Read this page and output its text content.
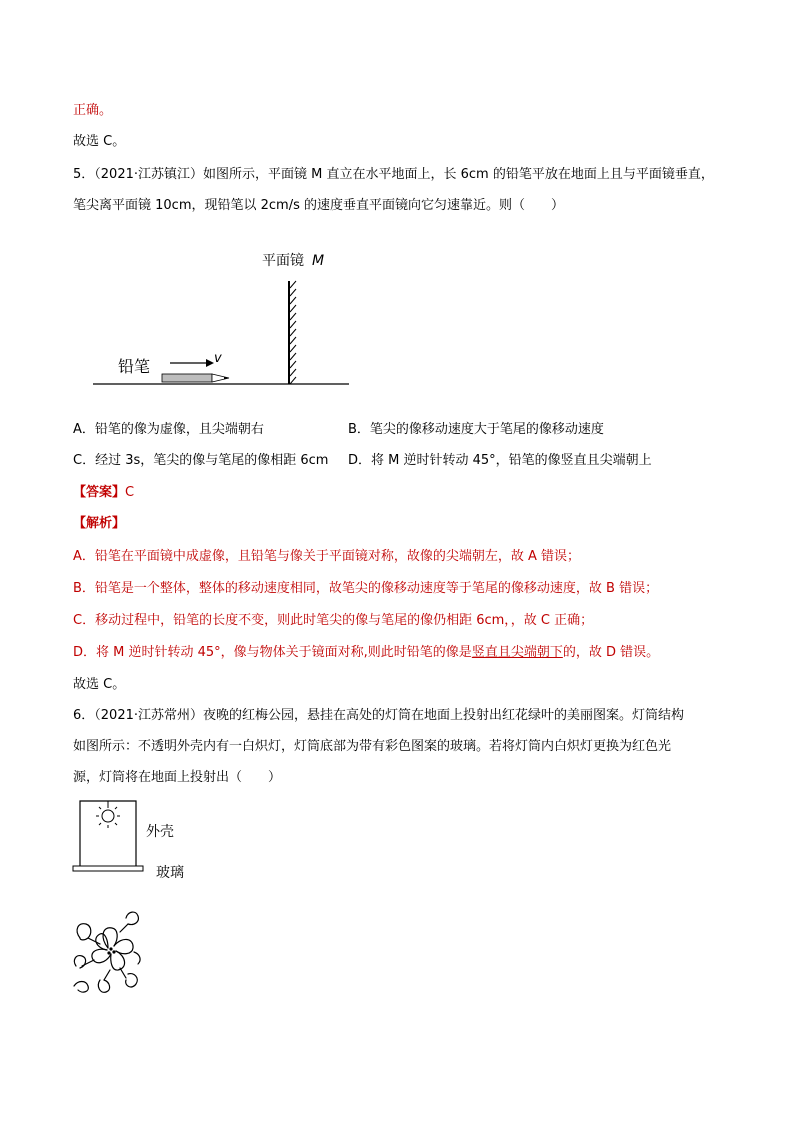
正确。
故选 C。
5．（2021·江苏镇江）如图所示，平面镜 M 直立在水平地面上，长 6cm 的铅笔平放在地面上且与平面镜垂直，
笔尖离平面镜 10cm，现铅笔以 2cm/s 的速度垂直平面镜向它匀速靠近。则（　　）
平面镜 M
铅笔	v
A．铅笔的像为虚像，且尖端朝右	B．笔尖的像移动速度大于笔尾的像移动速度
C．经过 3s，笔尖的像与笔尾的像相距 6cm D．将 M 逆时针转动 45°，铅笔的像竖直且尖端朝上
【答案】C
【解析】
A．铅笔在平面镜中成虚像，且铅笔与像关于平面镜对称，故像的尖端朝左，故 A 错误；
B．铅笔是一个整体，整体的移动速度相同，故笔尖的像移动速度等于笔尾的像移动速度，故 B 错误；
C．移动过程中，铅笔的长度不变，则此时笔尖的像与笔尾的像仍相距 6cm，，故 C 正确；
D．将 M 逆时针转动 45°，像与物体关于镜面对称,则此时铅笔的像是竖直且尖端朝下的，故 D 错误。
故选 C。
6．（2021·江苏常州）夜晚的红梅公园，悬挂在高处的灯筒在地面上投射出红花绿叶的美丽图案。灯筒结构
如图所示：不透明外壳内有一白炽灯，灯筒底部为带有彩色图案的玻璃。若将灯筒内白炽灯更换为红色光
源，灯筒将在地面上投射出（　　）
外壳
玻璃
